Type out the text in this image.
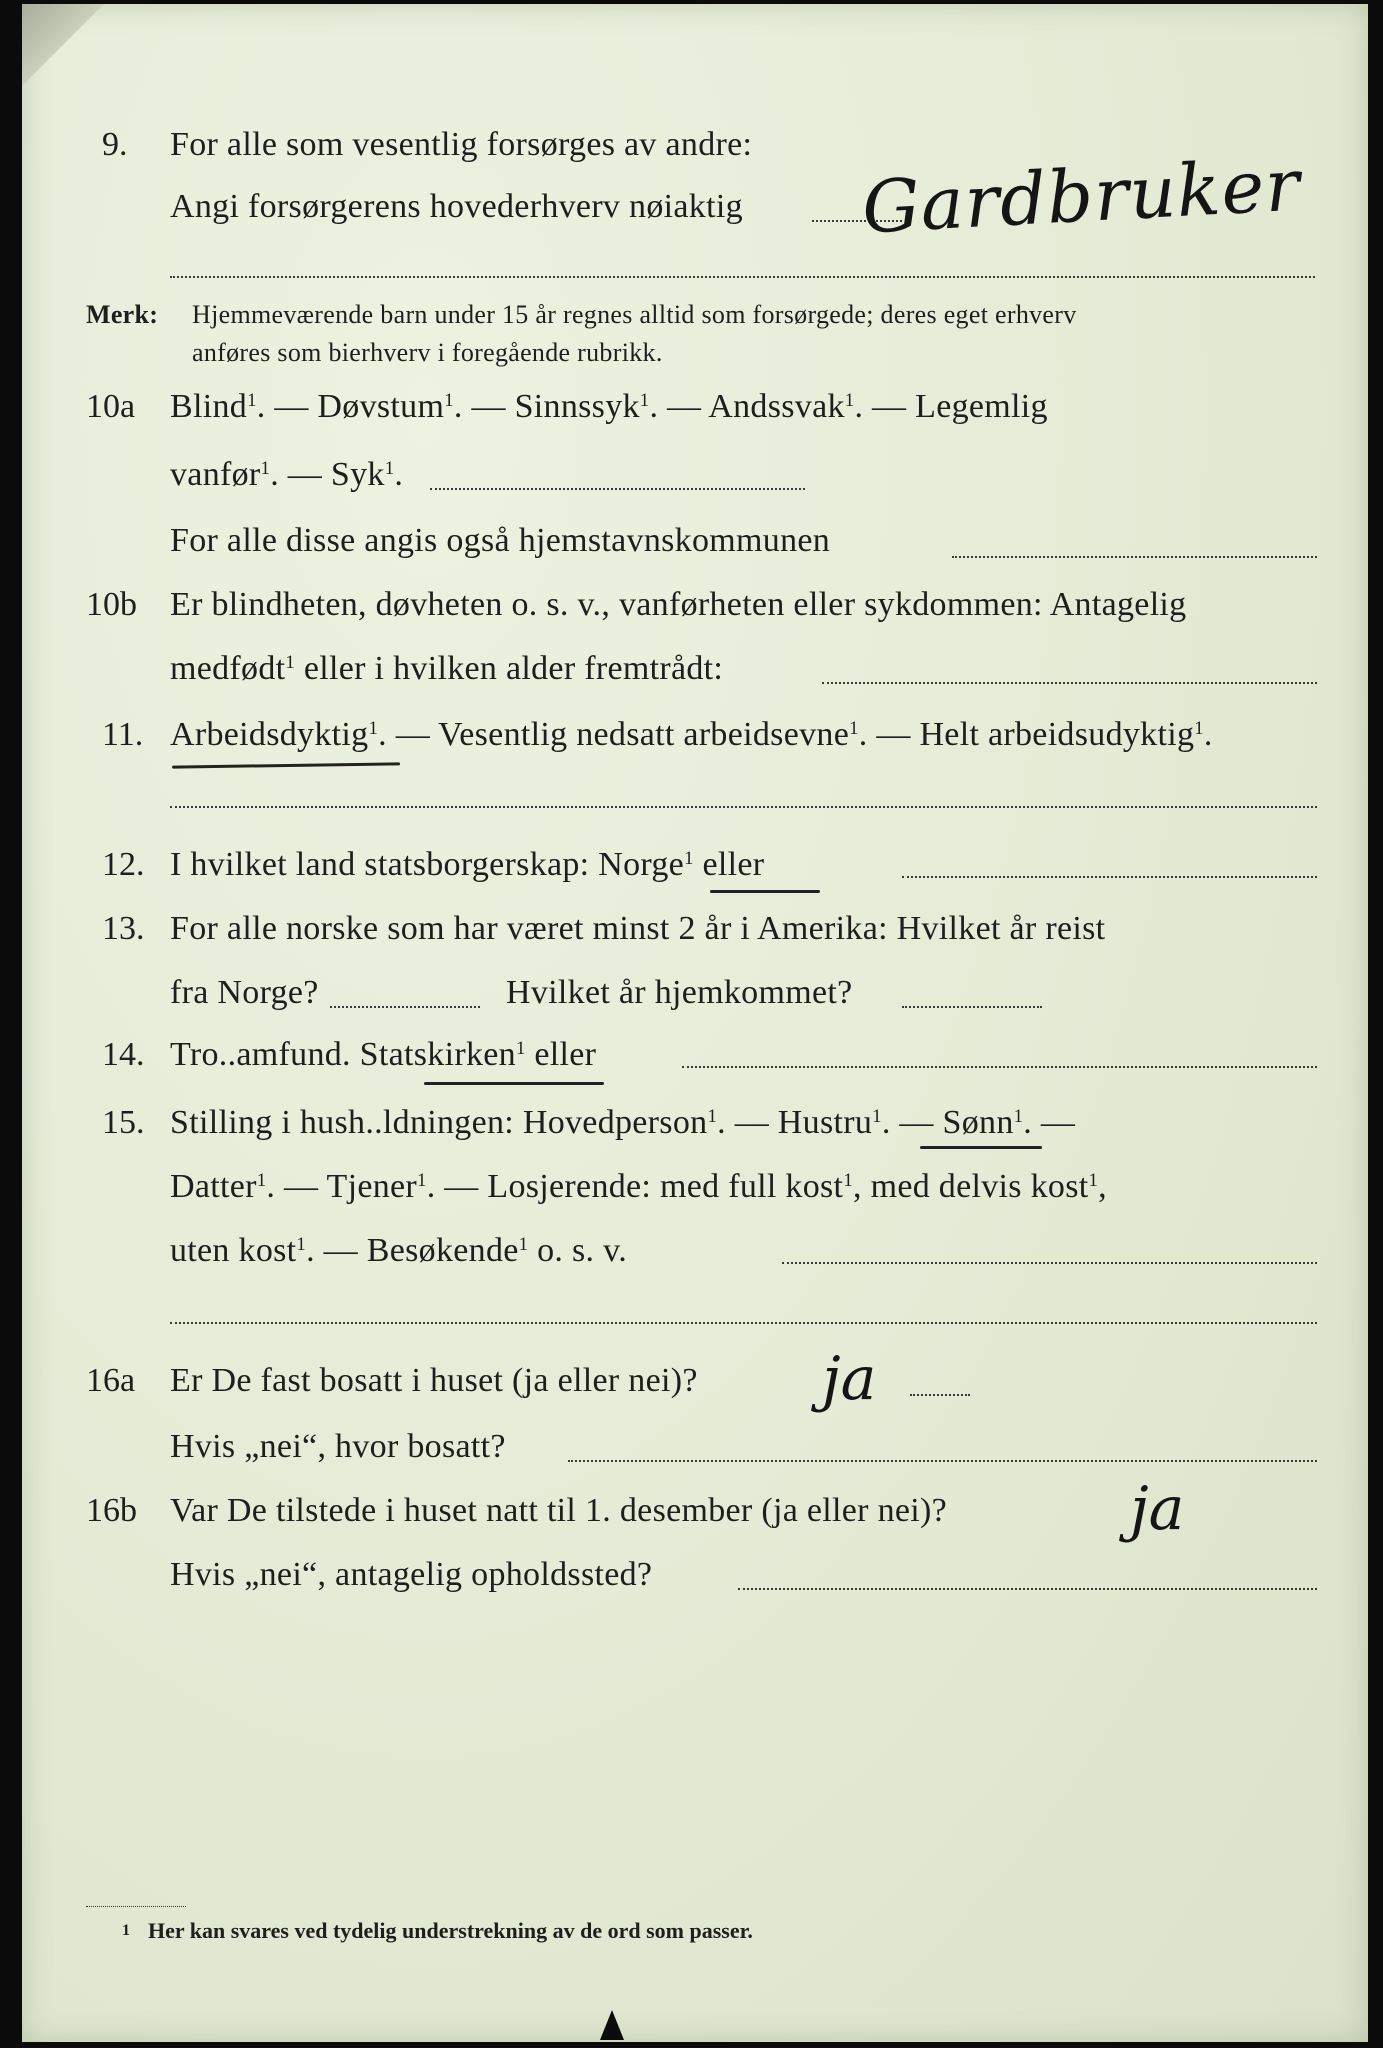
9. For alle som vesentlig forsørges av andre:
Angi forsørgerens hovederhverv nøiaktig Gardbruker
Merk: Hjemmeværende barn under 15 år regnes alltid som forsørgede; deres eget erhverv
anføres som bierhverv i foregående rubrikk.
10a Blind$^1$. — Døvstum$^1$. — Sinnssyk$^1$. — Andssvak$^1$. — Legemlig
vanfør$^1$. — Syk$^1$.
For alle disse angis også hjemstavnskommunen
10b Er blindheten, døvheten o. s. v., vanførheten eller sykdommen: Antagelig
medfødt$^1$ eller i hvilken alder fremtrådt:
11. Arbeidsdyktig$^1$. — Vesentlig nedsatt arbeidsevne$^1$. — Helt arbeidsudyktig$^1$.
12. I hvilket land statsborgerskap: Norge$^1$ eller
13. For alle norske som har været minst 2 år i Amerika: Hvilket år reist
fra Norge?	Hvilket år hjemkommet?
14. Tro..amfund. Statskirken$^1$ eller
15. Stilling i hush..ldningen: Hovedperson$^1$. — Hustru$^1$. — Sønn$^1$. —
Datter$^1$. — Tjener$^1$. — Losjerende: med full kost$^1$, med delvis kost$^1$,
uten kost$^1$. — Besøkende$^1$ o. s. v.
16a Er De fast bosatt i huset (ja eller nei)? ja
Hvis „nei“, hvor bosatt?
16b Var De tilstede i huset natt til 1. desember (ja eller nei)?	ja
Hvis „nei“, antagelig opholdssted?
1 Her kan svares ved tydelig understrekning av de ord som passer.
